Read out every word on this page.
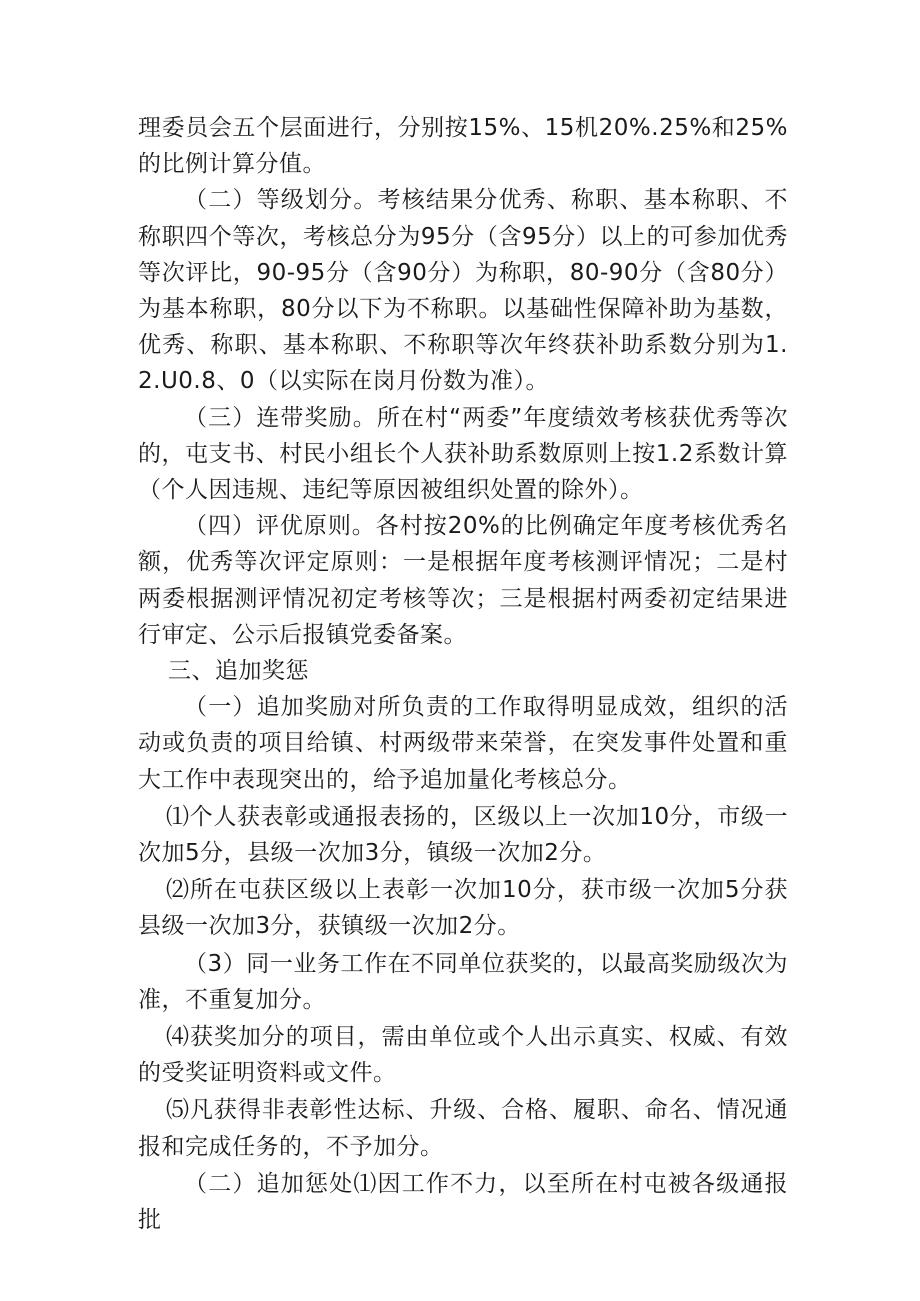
理委员会五个层面进行，分别按15%、15机20%.25%和25%的比例计算分值。

（二）等级划分。考核结果分优秀、称职、基本称职、不称职四个等次，考核总分为95分（含95分）以上的可参加优秀等次评比，90-95分（含90分）为称职，80-90分（含80分）为基本称职，80分以下为不称职。以基础性保障补助为基数，优秀、称职、基本称职、不称职等次年终获补助系数分别为1.2.U0.8、0（以实际在岗月份数为准）。

（三）连带奖励。所在村“两委”年度绩效考核获优秀等次的，屯支书、村民小组长个人获补助系数原则上按1.2系数计算（个人因违规、违纪等原因被组织处置的除外）。

（四）评优原则。各村按20%的比例确定年度考核优秀名额，优秀等次评定原则：一是根据年度考核测评情况；二是村两委根据测评情况初定考核等次；三是根据村两委初定结果进行审定、公示后报镇党委备案。

三、追加奖惩

（一）追加奖励对所负责的工作取得明显成效，组织的活动或负责的项目给镇、村两级带来荣誉，在突发事件处置和重大工作中表现突出的，给予追加量化考核总分。

⑴个人获表彰或通报表扬的，区级以上一次加10分，市级一次加5分，县级一次加3分，镇级一次加2分。

⑵所在屯获区级以上表彰一次加10分，获市级一次加5分获县级一次加3分，获镇级一次加2分。

（3）同一业务工作在不同单位获奖的，以最高奖励级次为准，不重复加分。

⑷获奖加分的项目，需由单位或个人出示真实、权威、有效的受奖证明资料或文件。

⑸凡获得非表彰性达标、升级、合格、履职、命名、情况通报和完成任务的，不予加分。

（二）追加惩处⑴因工作不力，以至所在村屯被各级通报批
